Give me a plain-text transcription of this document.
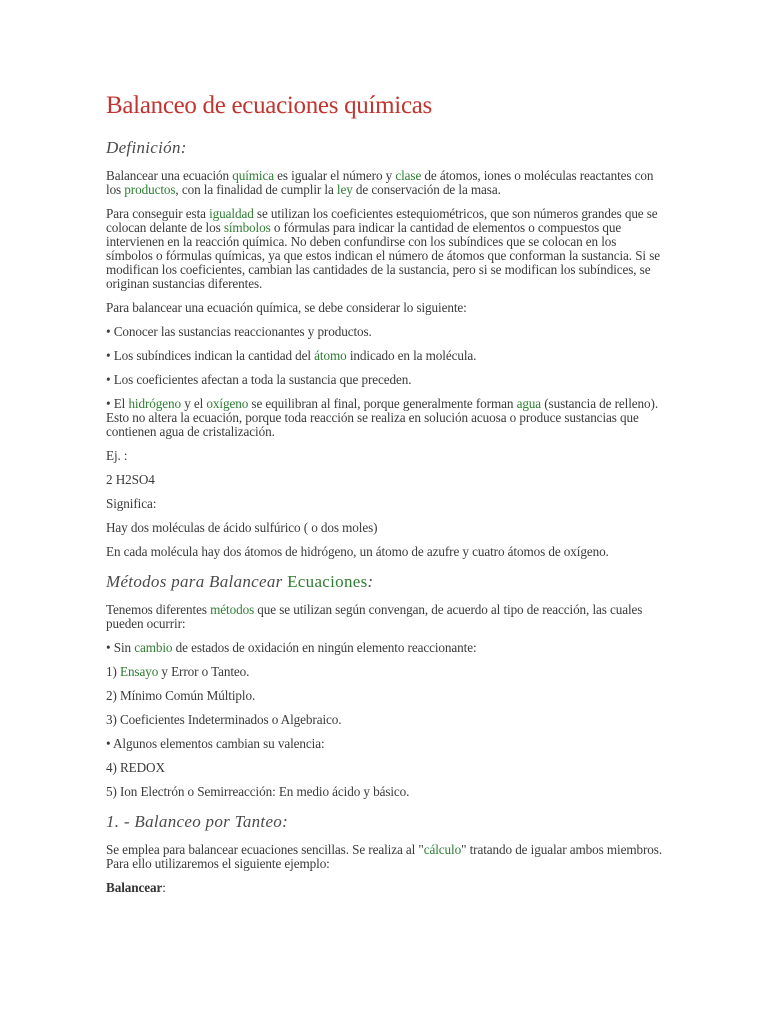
Balanceo de ecuaciones químicas
Definición:

Balancear una ecuación química es igualar el número y clase de átomos, iones o moléculas reactantes con los productos, con la finalidad de cumplir la ley de conservación de la masa.

Para conseguir esta igualdad se utilizan los coeficientes estequiométricos, que son números grandes que se colocan delante de los símbolos o fórmulas para indicar la cantidad de elementos o compuestos que intervienen en la reacción química. No deben confundirse con los subíndices que se colocan en los símbolos o fórmulas químicas, ya que estos indican el número de átomos que conforman la sustancia. Si se modifican los coeficientes, cambian las cantidades de la sustancia, pero si se modifican los subíndices, se originan sustancias diferentes.

Para balancear una ecuación química, se debe considerar lo siguiente:

• Conocer las sustancias reaccionantes y productos.

• Los subíndices indican la cantidad del átomo indicado en la molécula.

• Los coeficientes afectan a toda la sustancia que preceden.

• El hidrógeno y el oxígeno se equilibran al final, porque generalmente forman agua (sustancia de relleno). Esto no altera la ecuación, porque toda reacción se realiza en solución acuosa o produce sustancias que contienen agua de cristalización.

Ej. :

2 H2SO4

Significa:

Hay dos moléculas de ácido sulfúrico ( o dos moles)

En cada molécula hay dos átomos de hidrógeno, un átomo de azufre y cuatro átomos de oxígeno.

Métodos para Balancear Ecuaciones:

Tenemos diferentes métodos que se utilizan según convengan, de acuerdo al tipo de reacción, las cuales pueden ocurrir:

• Sin cambio de estados de oxidación en ningún elemento reaccionante:

1) Ensayo y Error o Tanteo.

2) Mínimo Común Múltiplo.

3) Coeficientes Indeterminados o Algebraico.

• Algunos elementos cambian su valencia:

4) REDOX

5) Ion Electrón o Semirreacción: En medio ácido y básico.

1. - Balanceo por Tanteo:

Se emplea para balancear ecuaciones sencillas. Se realiza al "cálculo" tratando de igualar ambos miembros. Para ello utilizaremos el siguiente ejemplo:

Balancear:
